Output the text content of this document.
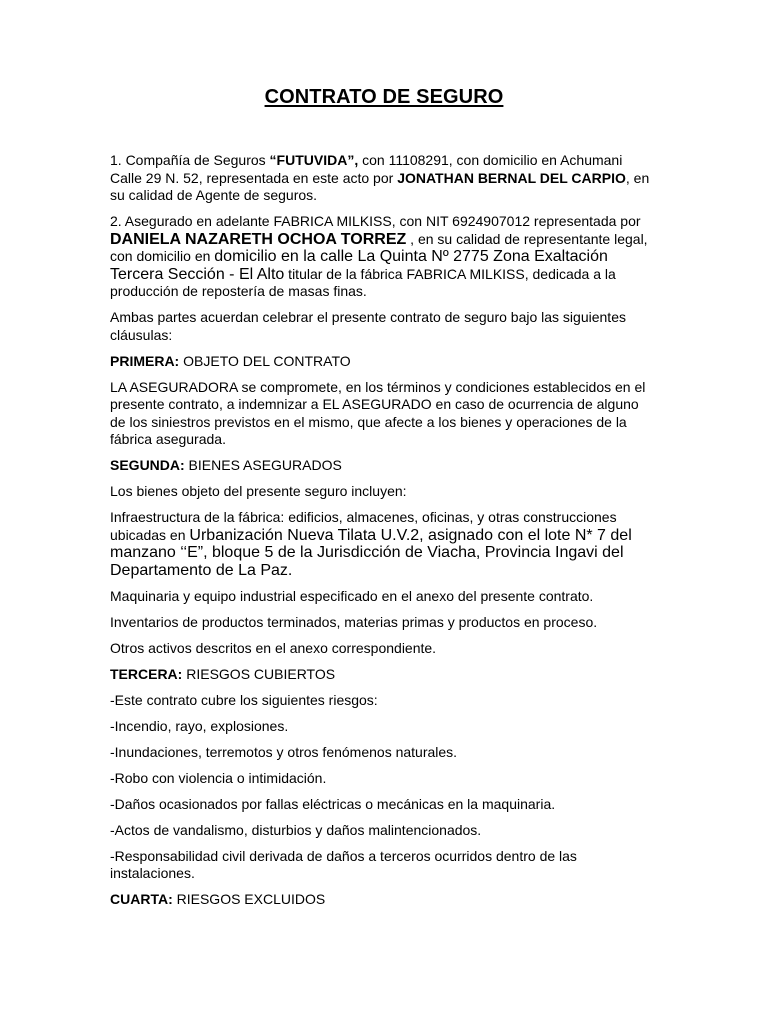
CONTRATO DE SEGURO

1. Compañía de Seguros “FUTUVIDA”, con 11108291, con domicilio en Achumani Calle 29 N. 52, representada en este acto por JONATHAN BERNAL DEL CARPIO, en su calidad de Agente de seguros.

2. Asegurado en adelante FABRICA MILKISS, con NIT 6924907012 representada por DANIELA NAZARETH OCHOA TORREZ , en su calidad de representante legal, con domicilio en domicilio en la calle La Quinta Nº 2775 Zona Exaltación Tercera Sección - El Alto titular de la fábrica FABRICA MILKISS, dedicada a la producción de repostería de masas finas.

Ambas partes acuerdan celebrar el presente contrato de seguro bajo las siguientes cláusulas:

PRIMERA: OBJETO DEL CONTRATO

LA ASEGURADORA se compromete, en los términos y condiciones establecidos en el presente contrato, a indemnizar a EL ASEGURADO en caso de ocurrencia de alguno de los siniestros previstos en el mismo, que afecte a los bienes y operaciones de la fábrica asegurada.

SEGUNDA: BIENES ASEGURADOS

Los bienes objeto del presente seguro incluyen:

Infraestructura de la fábrica: edificios, almacenes, oficinas, y otras construcciones ubicadas en Urbanización Nueva Tilata U.V.2, asignado con el lote N* 7 del manzano ‘‘E”, bloque 5 de la Jurisdicción de Viacha, Provincia Ingavi del Departamento de La Paz.

Maquinaria y equipo industrial especificado en el anexo del presente contrato.

Inventarios de productos terminados, materias primas y productos en proceso.

Otros activos descritos en el anexo correspondiente.

TERCERA: RIESGOS CUBIERTOS

-Este contrato cubre los siguientes riesgos:

-Incendio, rayo, explosiones.

-Inundaciones, terremotos y otros fenómenos naturales.

-Robo con violencia o intimidación.

-Daños ocasionados por fallas eléctricas o mecánicas en la maquinaria.

-Actos de vandalismo, disturbios y daños malintencionados.

-Responsabilidad civil derivada de daños a terceros ocurridos dentro de las instalaciones.

CUARTA: RIESGOS EXCLUIDOS
